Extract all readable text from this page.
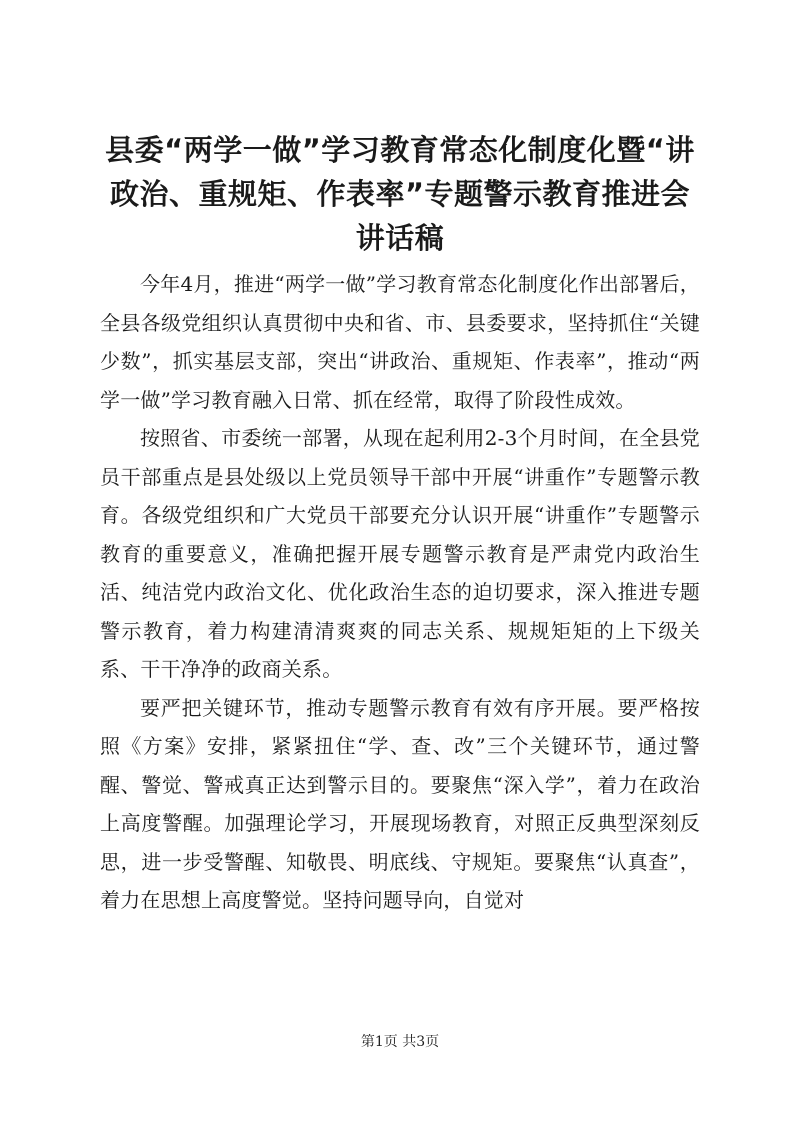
县委“两学一做”学习教育常态化制度化暨“讲政治、重规矩、作表率”专题警示教育推进会讲话稿

今年4月，推进“两学一做”学习教育常态化制度化作出部署后，全县各级党组织认真贯彻中央和省、市、县委要求，坚持抓住“关键少数”，抓实基层支部，突出“讲政治、重规矩、作表率”，推动“两学一做”学习教育融入日常、抓在经常，取得了阶段性成效。

按照省、市委统一部署，从现在起利用2-3个月时间，在全县党员干部重点是县处级以上党员领导干部中开展“讲重作”专题警示教育。各级党组织和广大党员干部要充分认识开展“讲重作”专题警示教育的重要意义，准确把握开展专题警示教育是严肃党内政治生活、纯洁党内政治文化、优化政治生态的迫切要求，深入推进专题警示教育，着力构建清清爽爽的同志关系、规规矩矩的上下级关系、干干净净的政商关系。

要严把关键环节，推动专题警示教育有效有序开展。要严格按照《方案》安排，紧紧扭住“学、查、改”三个关键环节，通过警醒、警觉、警戒真正达到警示目的。要聚焦“深入学”，着力在政治上高度警醒。加强理论学习，开展现场教育，对照正反典型深刻反思，进一步受警醒、知敬畏、明底线、守规矩。要聚焦“认真查”，着力在思想上高度警觉。坚持问题导向，自觉对

第1页 共3页
